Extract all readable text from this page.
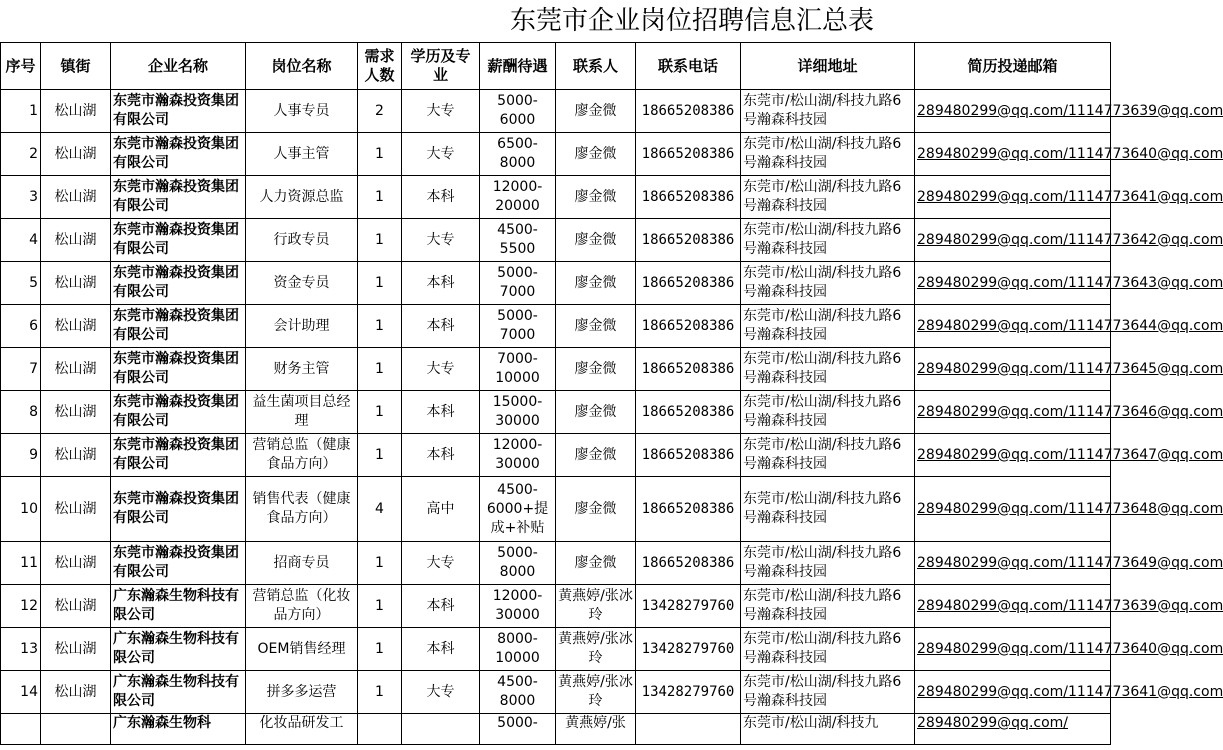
东莞市企业岗位招聘信息汇总表
序号	镇街	企业名称	岗位名称	需求人数	学历及专业	薪酬待遇	联系人	联系电话	详细地址	简历投递邮箱
1	松山湖	东莞市瀚森投资集团有限公司	人事专员	2	大专	5000-6000	廖金微	18665208386	东莞市/松山湖/科技九路6号瀚森科技园	289480299@qq.com/1114773639@qq.com
2	松山湖	东莞市瀚森投资集团有限公司	人事主管	1	大专	6500-8000	廖金微	18665208386	东莞市/松山湖/科技九路6号瀚森科技园	289480299@qq.com/1114773640@qq.com
3	松山湖	东莞市瀚森投资集团有限公司	人力资源总监	1	本科	12000-20000	廖金微	18665208386	东莞市/松山湖/科技九路6号瀚森科技园	289480299@qq.com/1114773641@qq.com
4	松山湖	东莞市瀚森投资集团有限公司	行政专员	1	大专	4500-5500	廖金微	18665208386	东莞市/松山湖/科技九路6号瀚森科技园	289480299@qq.com/1114773642@qq.com
5	松山湖	东莞市瀚森投资集团有限公司	资金专员	1	本科	5000-7000	廖金微	18665208386	东莞市/松山湖/科技九路6号瀚森科技园	289480299@qq.com/1114773643@qq.com
6	松山湖	东莞市瀚森投资集团有限公司	会计助理	1	本科	5000-7000	廖金微	18665208386	东莞市/松山湖/科技九路6号瀚森科技园	289480299@qq.com/1114773644@qq.com
7	松山湖	东莞市瀚森投资集团有限公司	财务主管	1	大专	7000-10000	廖金微	18665208386	东莞市/松山湖/科技九路6号瀚森科技园	289480299@qq.com/1114773645@qq.com
8	松山湖	东莞市瀚森投资集团有限公司	益生菌项目总经理	1	本科	15000-30000	廖金微	18665208386	东莞市/松山湖/科技九路6号瀚森科技园	289480299@qq.com/1114773646@qq.com
9	松山湖	东莞市瀚森投资集团有限公司	营销总监（健康食品方向）	1	本科	12000-30000	廖金微	18665208386	东莞市/松山湖/科技九路6号瀚森科技园	289480299@qq.com/1114773647@qq.com
10	松山湖	东莞市瀚森投资集团有限公司	销售代表（健康食品方向）	4	高中	4500-6000+提成+补贴	廖金微	18665208386	东莞市/松山湖/科技九路6号瀚森科技园	289480299@qq.com/1114773648@qq.com
11	松山湖	东莞市瀚森投资集团有限公司	招商专员	1	大专	5000-8000	廖金微	18665208386	东莞市/松山湖/科技九路6号瀚森科技园	289480299@qq.com/1114773649@qq.com
12	松山湖	广东瀚森生物科技有限公司	营销总监（化妆品方向）	1	本科	12000-30000	黄燕婷/张冰玲	13428279760	东莞市/松山湖/科技九路6号瀚森科技园	289480299@qq.com/1114773639@qq.com
13	松山湖	广东瀚森生物科技有限公司	OEM销售经理	1	本科	8000-10000	黄燕婷/张冰玲	13428279760	东莞市/松山湖/科技九路6号瀚森科技园	289480299@qq.com/1114773640@qq.com
14	松山湖	广东瀚森生物科技有限公司	拼多多运营	1	大专	4500-8000	黄燕婷/张冰玲	13428279760	东莞市/松山湖/科技九路6号瀚森科技园	289480299@qq.com/1114773641@qq.com
		广东瀚森生物科	化妆品研发工			5000-	黄燕婷/张		东莞市/松山湖/科技九	289480299@qq.com/
